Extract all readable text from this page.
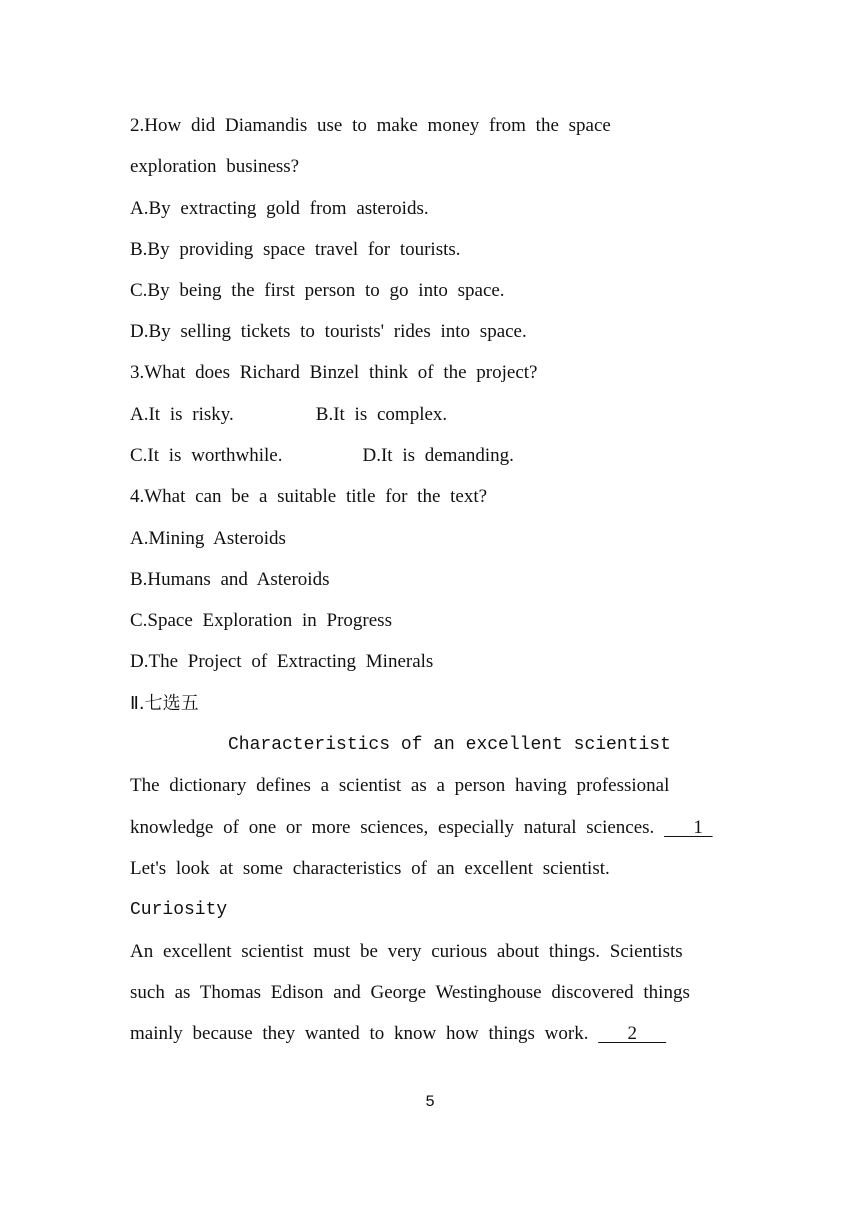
2.How did Diamandis use to make money from the space
exploration business?
A.By extracting gold from asteroids.
B.By providing space travel for tourists.
C.By being the first person to go into space.
D.By selling tickets to tourists' rides into space.
3.What does Richard Binzel think of the project?
A.It is risky.	B.It is complex.
C.It is worthwhile.	D.It is demanding.
4.What can be a suitable title for the text?
A.Mining Asteroids
B.Humans and Asteroids
C.Space Exploration in Progress
D.The Project of Extracting Minerals
Ⅱ.七选五
Characteristics of an excellent scientist
The dictionary defines a scientist as a person having professional
knowledge of one or more sciences, especially natural sciences.    1
Let's look at some characteristics of an excellent scientist.
Curiosity
An excellent scientist must be very curious about things. Scientists
such as Thomas Edison and George Westinghouse discovered things
mainly because they wanted to know how things work.    2
5
